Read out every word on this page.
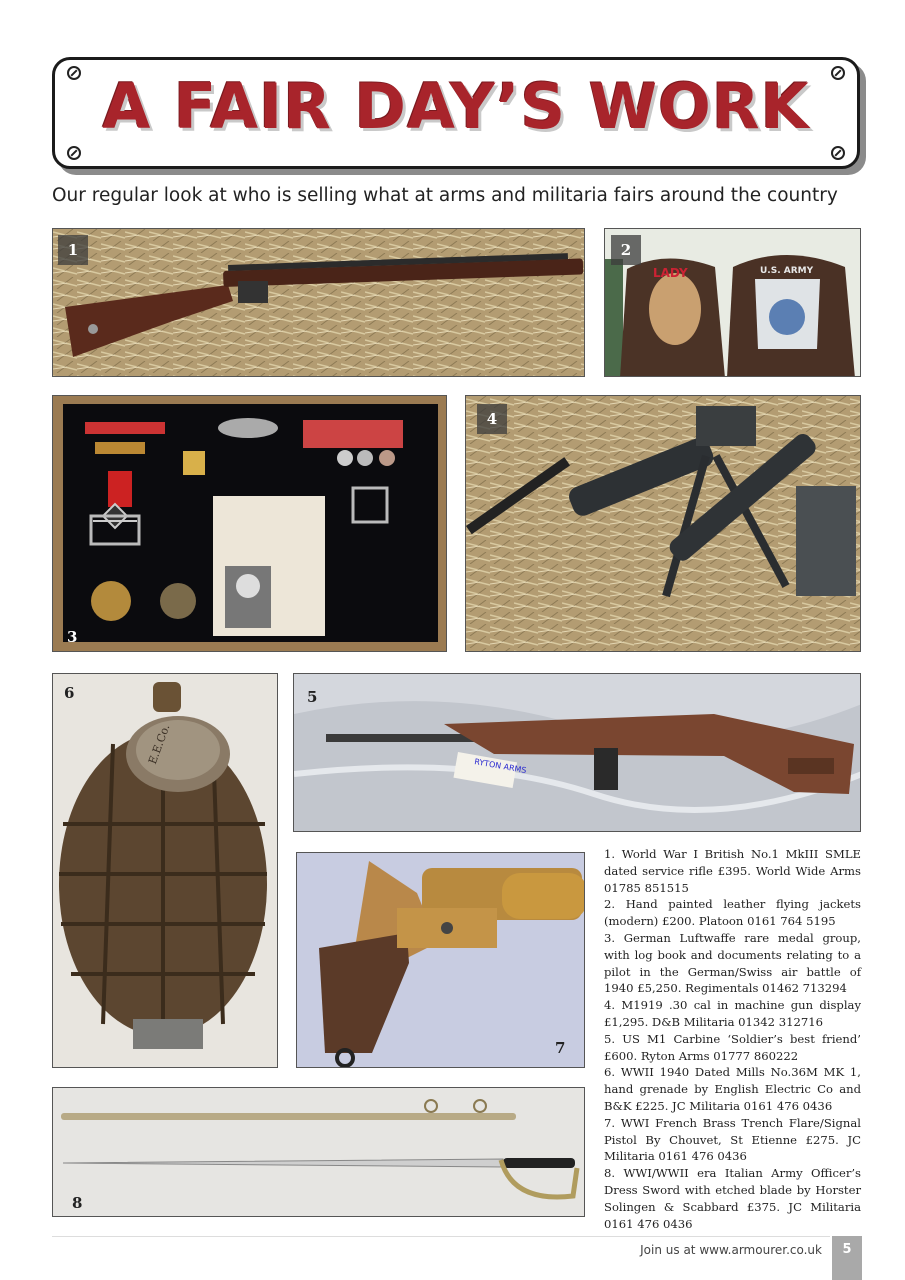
A FAIR DAY’S WORK
Our regular look at who is selling what at arms and militaria fairs around the country
1
LADY	U.S. ARMY
2
3
4
E.E.Co.
6
RYTON ARMS
5
7
8

1. World War I British No.1 MkIII SMLE dated service rifle £395. World Wide Arms 01785 851515

2. Hand painted leather flying jackets (modern) £200. Platoon 0161 764 5195

3. German Luftwaffe rare medal group, with log book and documents relating to a pilot in the German/Swiss air battle of 1940 £5,250. Regimentals 01462 713294

4. M1919 .30 cal in machine gun display £1,295. D&B Militaria 01342 312716

5. US M1 Carbine ‘Soldier’s best friend’ £600. Ryton Arms 01777 860222

6. WWII 1940 Dated Mills No.36M MK 1, hand grenade by English Electric Co and B&K £225. JC Militaria 0161 476 0436

7. WWI French Brass Trench Flare/Signal Pistol By Chouvet, St Etienne £275. JC Militaria 0161 476 0436

8. WWI/WWII era Italian Army Officer’s Dress Sword with etched blade by Horster Solingen & Scabbard £375. JC Militaria 0161 476 0436

Join us at www.armourer.co.uk	5
